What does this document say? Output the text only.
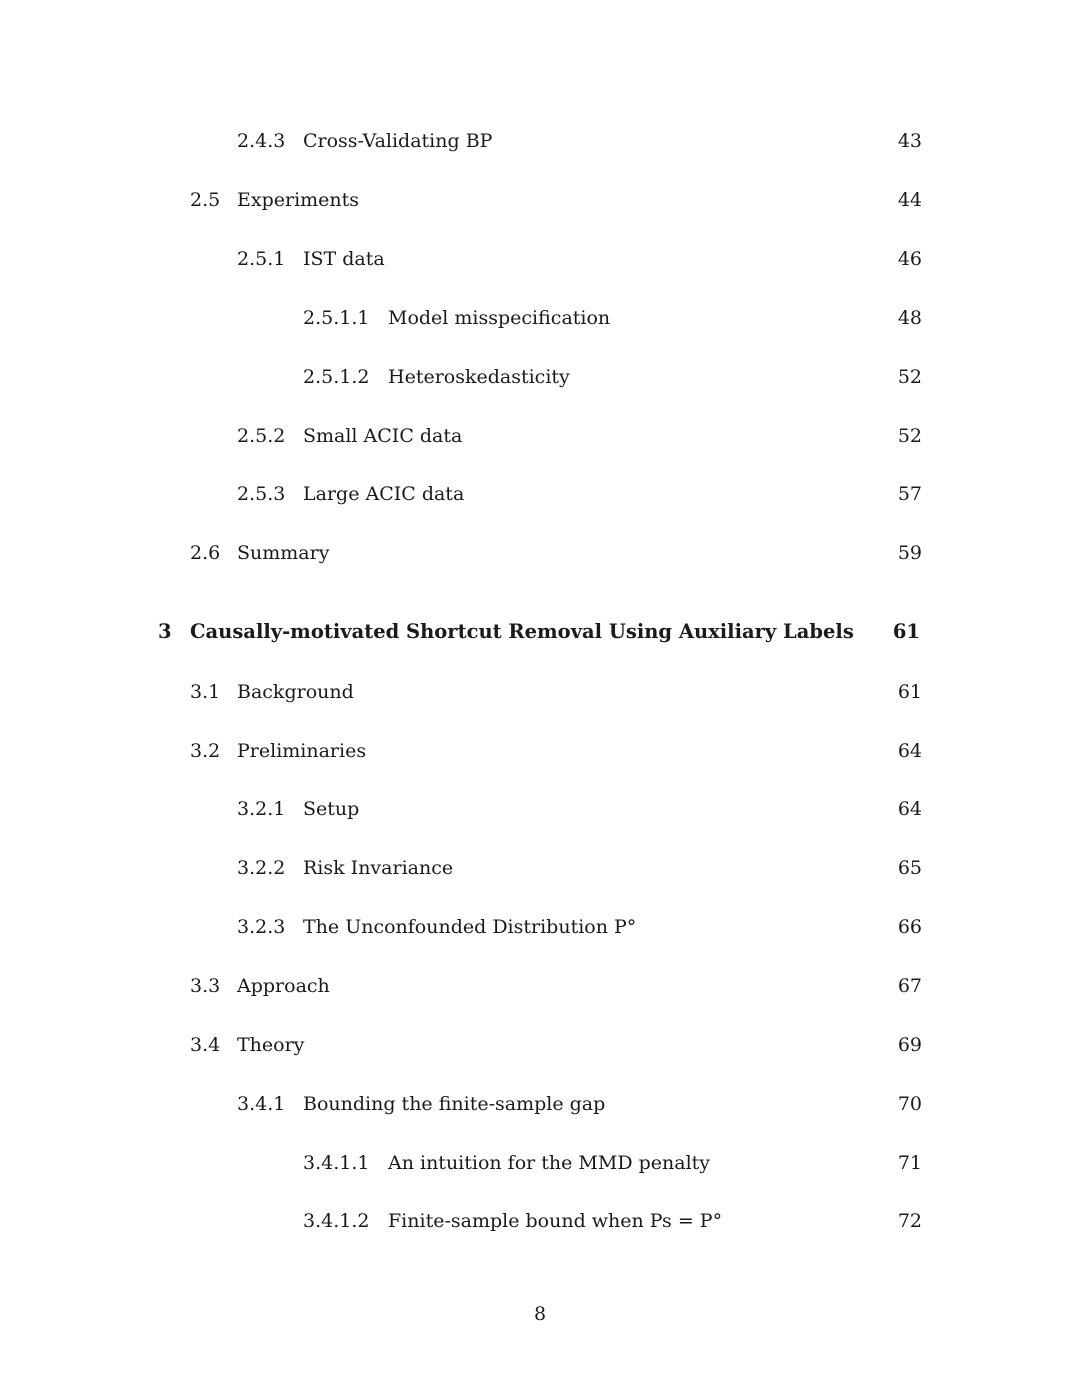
2.4.3 Cross-Validating BP	43
2.5 Experiments	44
2.5.1 IST data	46
2.5.1.1 Model misspecification	48
2.5.1.2 Heteroskedasticity	52
2.5.2 Small ACIC data	52
2.5.3 Large ACIC data	57
2.6 Summary	59
3 Causally-motivated Shortcut Removal Using Auxiliary Labels	61
3.1 Background	61
3.2 Preliminaries	64
3.2.1 Setup	64
3.2.2 Risk Invariance	65
3.2.3 The Unconfounded Distribution P°	66
3.3 Approach	67
3.4 Theory	69
3.4.1 Bounding the finite-sample gap	70
3.4.1.1 An intuition for the MMD penalty	71
3.4.1.2 Finite-sample bound when Ps = P°	72
8
